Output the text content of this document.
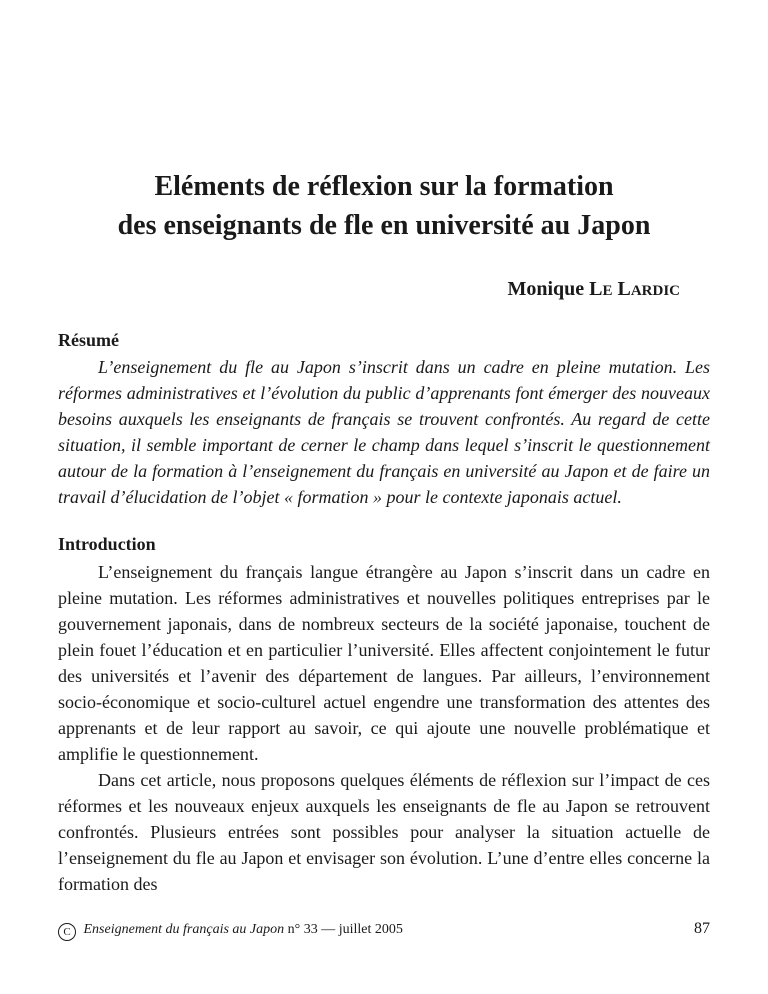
Eléments de réflexion sur la formation
des enseignants de fle en université au Japon

Monique LE LARDIC

Résumé

L’enseignement du fle au Japon s’inscrit dans un cadre en pleine mutation. Les réformes administratives et l’évolution du public d’apprenants font émerger des nouveaux besoins auxquels les enseignants de français se trouvent confrontés. Au regard de cette situation, il semble important de cerner le champ dans lequel s’inscrit le questionnement autour de la formation à l’enseignement du français en université au Japon et de faire un travail d’élucidation de l’objet « formation » pour le contexte japonais actuel.

Introduction

L’enseignement du français langue étrangère au Japon s’inscrit dans un cadre en pleine mutation. Les réformes administratives et nouvelles politiques entreprises par le gouvernement japonais, dans de nombreux secteurs de la société japonaise, touchent de plein fouet l’éducation et en particulier l’université. Elles affectent conjointement le futur des universités et l’avenir des département de langues. Par ailleurs, l’environnement socio-économique et socio-culturel actuel engendre une transformation des attentes des apprenants et de leur rapport au savoir, ce qui ajoute une nouvelle problématique et amplifie le questionnement.

Dans cet article, nous proposons quelques éléments de réflexion sur l’impact de ces réformes et les nouveaux enjeux auxquels les enseignants de fle au Japon se retrouvent confrontés. Plusieurs entrées sont possibles pour analyser la situation actuelle de l’enseignement du fle au Japon et envisager son évolution. L’une d’entre elles concerne la formation des

C Enseignement du français au Japon n° 33 — juillet 2005	87
